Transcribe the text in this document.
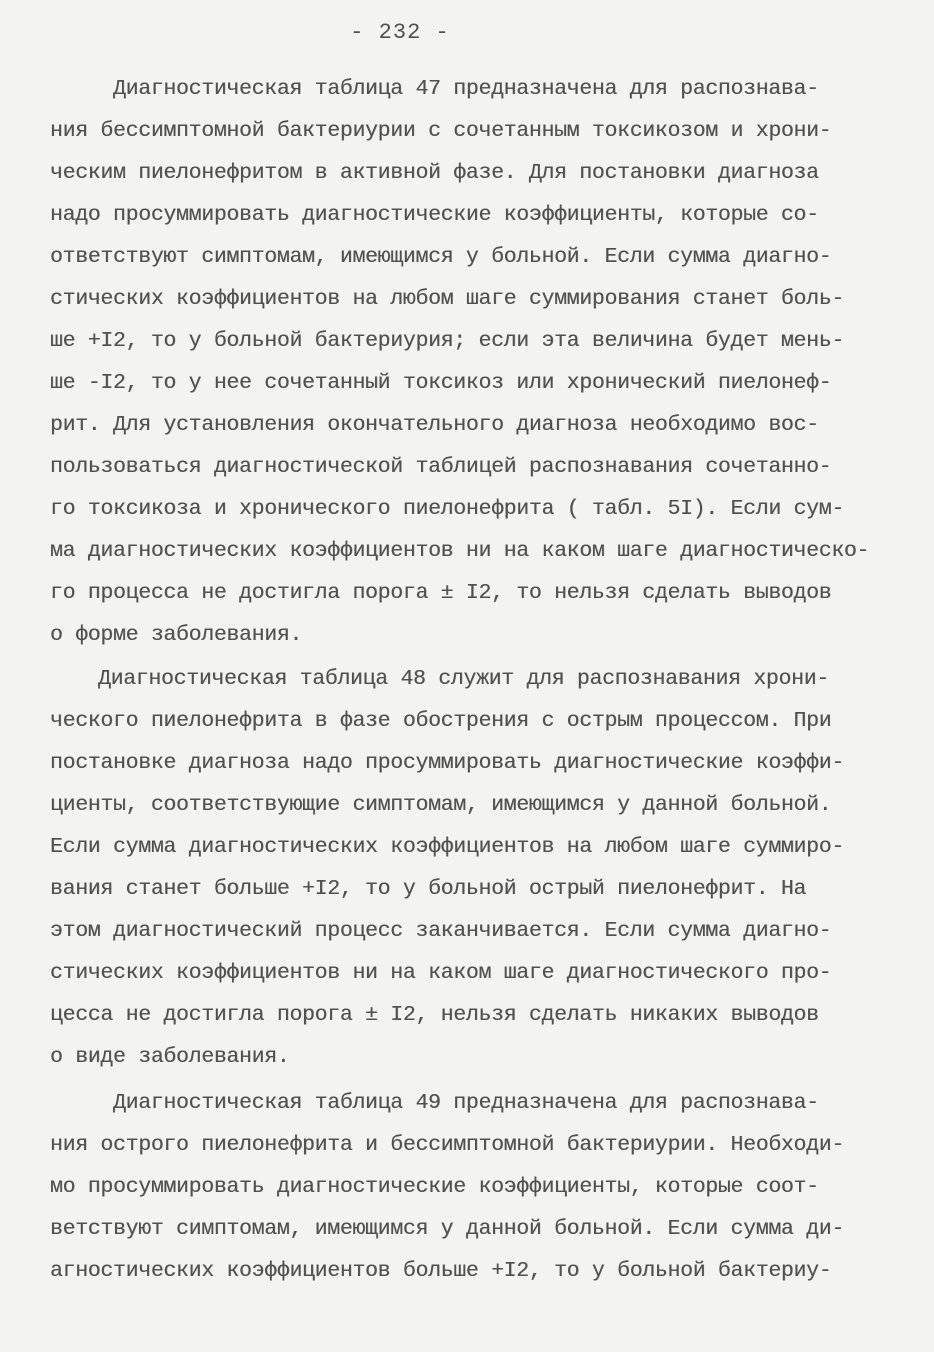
- 232 -
Диагностическая таблица 47 предназначена для распознава-
ния бессимптомной бактериурии с сочетанным токсикозом и хрони-
ческим пиелонефритом в активной фазе. Для постановки диагноза
надо просуммировать диагностические коэффициенты, которые со-
ответствуют симптомам, имеющимся у больной. Если сумма диагно-
стических коэффициентов на любом шаге суммирования станет боль-
ше +I2, то у больной бактериурия; если эта величина будет мень-
ше -I2, то у нее сочетанный токсикоз или хронический пиелонеф-
рит. Для установления окончательного диагноза необходимо вос-
пользоваться диагностической таблицей распознавания сочетанно-
го токсикоза и хронического пиелонефрита ( табл. 5I). Если сум-
ма диагностических коэффициентов ни на каком шаге диагностическо-
го процесса не достигла порога ± I2, то нельзя сделать выводов
о форме заболевания.
Диагностическая таблица 48 служит для распознавания хрони-
ческого пиелонефрита в фазе обострения с острым процессом. При
постановке диагноза надо просуммировать диагностические коэффи-
циенты, соответствующие симптомам, имеющимся у данной больной.
Если сумма диагностических коэффициентов на любом шаге суммиро-
вания станет больше +I2, то у больной острый пиелонефрит. На
этом диагностический процесс заканчивается. Если сумма диагно-
стических коэффициентов ни на каком шаге диагностического про-
цесса не достигла порога ± I2, нельзя сделать никаких выводов
о виде заболевания.
Диагностическая таблица 49 предназначена для распознава-
ния острого пиелонефрита и бессимптомной бактериурии. Необходи-
мо просуммировать диагностические коэффициенты, которые соот-
ветствуют симптомам, имеющимся у данной больной. Если сумма ди-
агностических коэффициентов больше +I2, то у больной бактериу-
